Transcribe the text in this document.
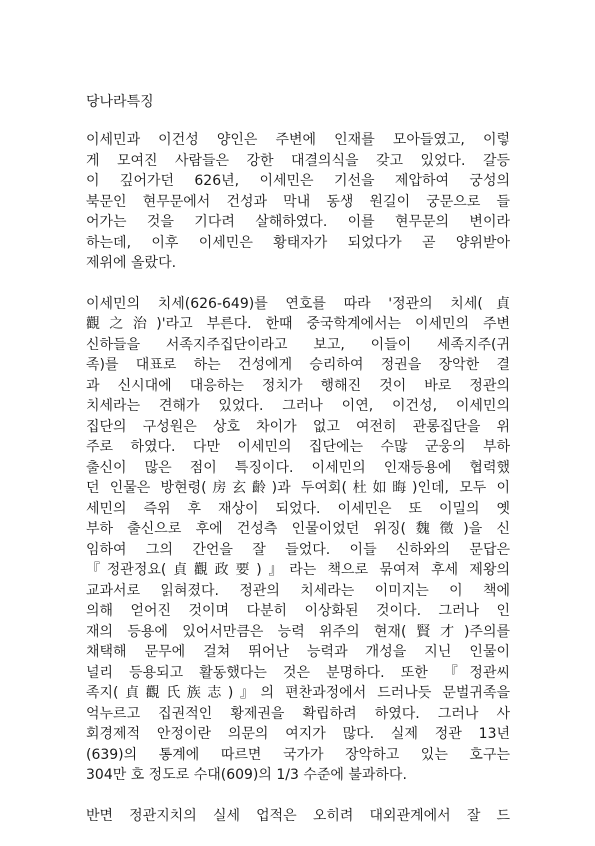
당나라특징
이세민과 이건성 양인은 주변에 인재를 모아들였고, 이렇
게 모여진 사람들은 강한 대결의식을 갖고 있었다. 갈등
이 깊어가던 626년, 이세민은 기선을 제압하여 궁성의
북문인 현무문에서 건성과 막내 동생 원길이 궁문으로 들
어가는 것을 기다려 살해하였다. 이를 현무문의 변이라
하는데, 이후 이세민은 황태자가 되었다가 곧 양위받아
제위에 올랐다.
이세민의 치세(626-649)를 연호를 따라 '정관의 치세(貞
觀之治)'라고 부른다. 한때 중국학계에서는 이세민의 주변
신하들을 서족지주집단이라고 보고, 이들이 세족지주(귀
족)를 대표로 하는 건성에게 승리하여 정권을 장악한 결
과 신시대에 대응하는 정치가 행해진 것이 바로 정관의
치세라는 견해가 있었다. 그러나 이연, 이건성, 이세민의
집단의 구성원은 상호 차이가 없고 여전히 관롱집단을 위
주로 하였다. 다만 이세민의 집단에는 수많 군웅의 부하
출신이 많은 점이 특징이다. 이세민의 인재등용에 협력했
던 인물은 방현령(房玄齡)과 두여회(杜如晦)인데, 모두 이
세민의 즉위 후 재상이 되었다. 이세민은 또 이밀의 옛
부하 출신으로 후에 건성측 인물이었던 위징(魏徵)을 신
임하여 그의 간언을 잘 들었다. 이들 신하와의 문답은
『정관정요(貞觀政要)』라는 책으로 묶여져 후세 제왕의
교과서로 읽혀졌다. 정관의 치세라는 이미지는 이 책에
의해 얻어진 것이며 다분히 이상화된 것이다. 그러나 인
재의 등용에 있어서만큼은 능력 위주의 현재(賢才)주의를
채택해 문무에 걸쳐 뛰어난 능력과 개성을 지닌 인물이
널리 등용되고 활동했다는 것은 분명하다. 또한 『정관씨
족지(貞觀氏族志)』의 편찬과정에서 드러나듯 문벌귀족을
억누르고 집권적인 황제권을 확립하려 하였다. 그러나 사
회경제적 안정이란 의문의 여지가 많다. 실제 정관 13년
(639)의 통계에 따르면 국가가 장악하고 있는 호구는
304만 호 정도로 수대(609)의 1/3 수준에 불과하다.
반면 정관지치의 실세 업적은 오히려 대외관계에서 잘 드
